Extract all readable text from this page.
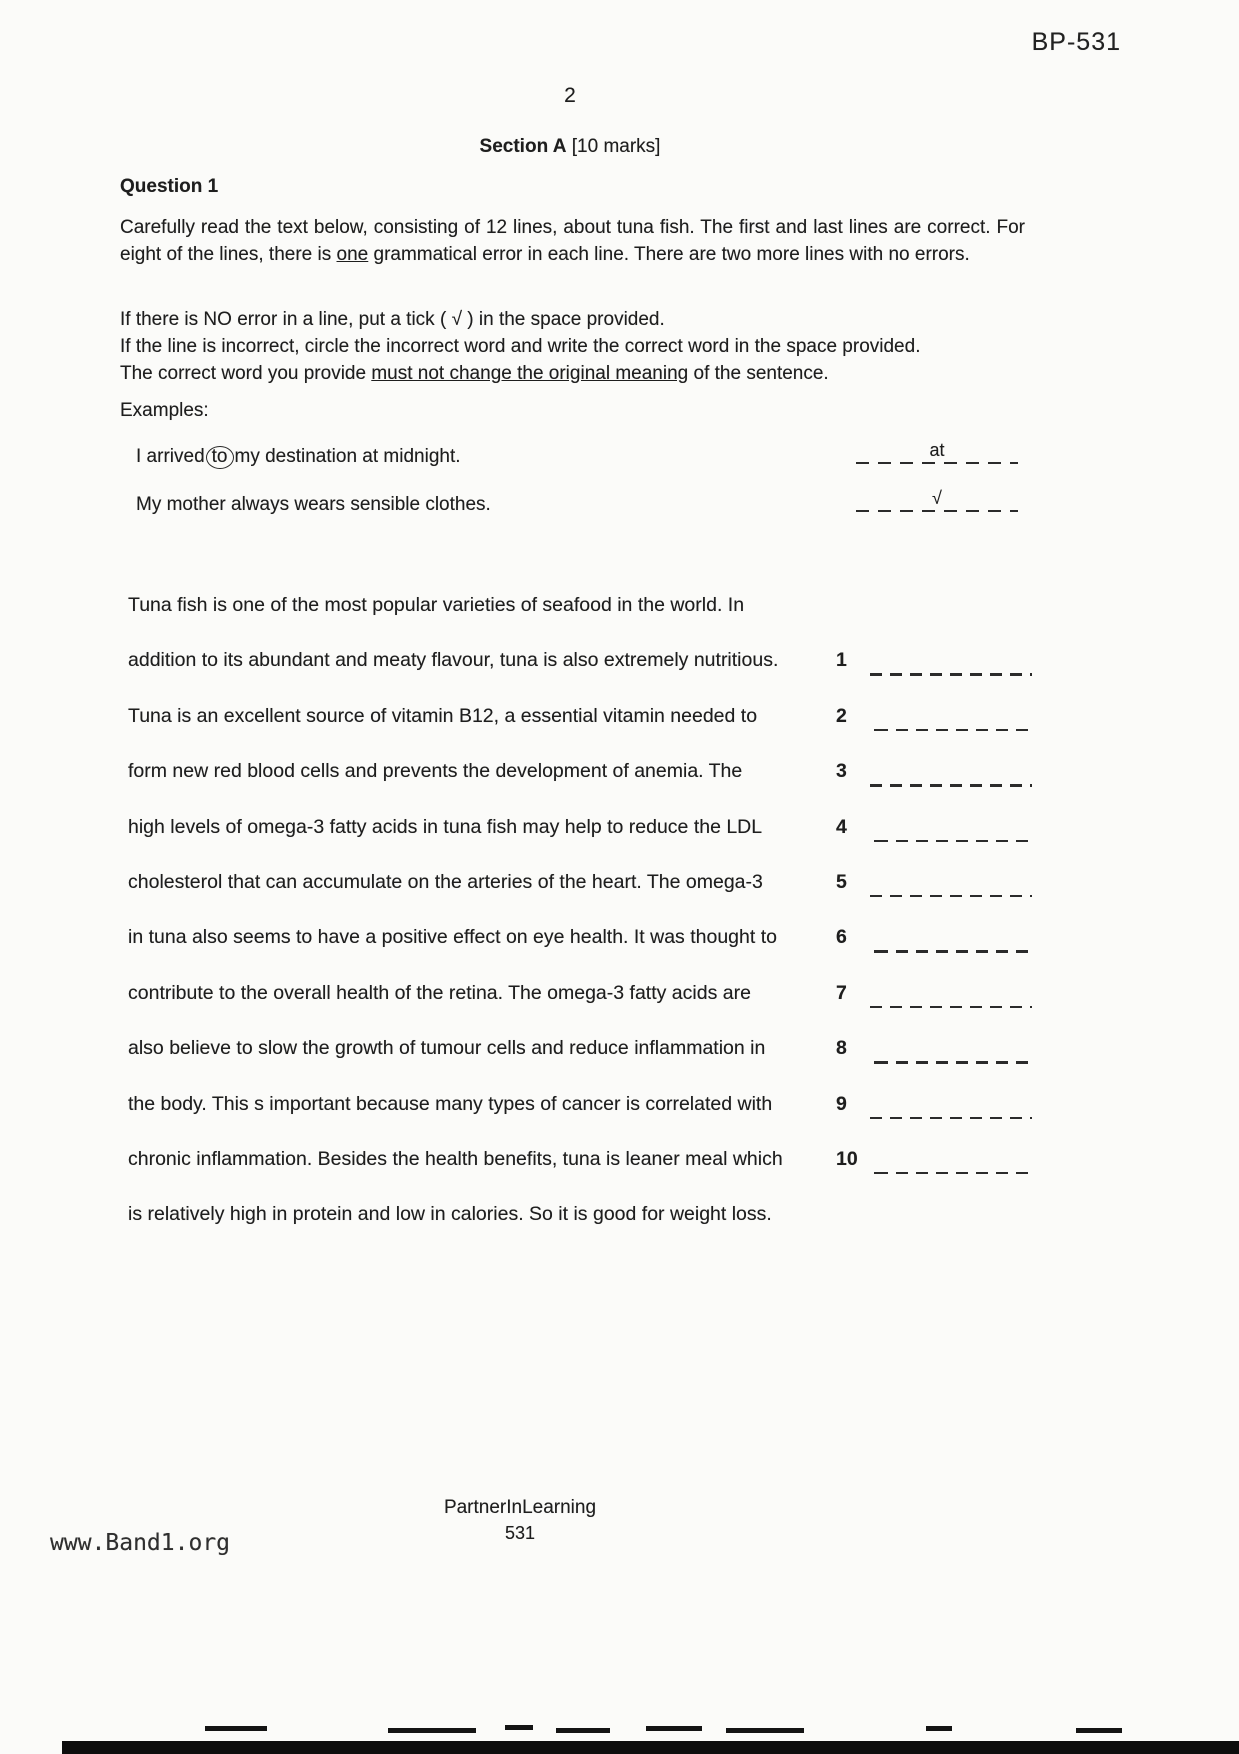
BP-531
2
Section A [10 marks]
Question 1
Carefully read the text below, consisting of 12 lines, about tuna fish. The first and last lines are correct. For eight of the lines, there is one grammatical error in each line. There are two more lines with no errors.
If there is NO error in a line, put a tick ( √ ) in the space provided.
If the line is incorrect, circle the incorrect word and write the correct word in the space provided.
The correct word you provide must not change the original meaning of the sentence.
Examples:
I arrived to my destination at midnight.	at
My mother always wears sensible clothes.	√
Tuna fish is one of the most popular varieties of seafood in the world. In
addition to its abundant and meaty flavour, tuna is also extremely nutritious.	1
Tuna is an excellent source of vitamin B12, a essential vitamin needed to	2
form new red blood cells and prevents the development of anemia. The	3
high levels of omega-3 fatty acids in tuna fish may help to reduce the LDL	4
cholesterol that can accumulate on the arteries of the heart. The omega-3	5
in tuna also seems to have a positive effect on eye health. It was thought to	6
contribute to the overall health of the retina. The omega-3 fatty acids are	7
also believe to slow the growth of tumour cells and reduce inflammation in	8
the body. This s important because many types of cancer is correlated with	9
chronic inflammation. Besides the health benefits, tuna is leaner meal which	10
is relatively high in protein and low in calories. So it is good for weight loss.
PartnerInLearning
531
www.Band1.org
